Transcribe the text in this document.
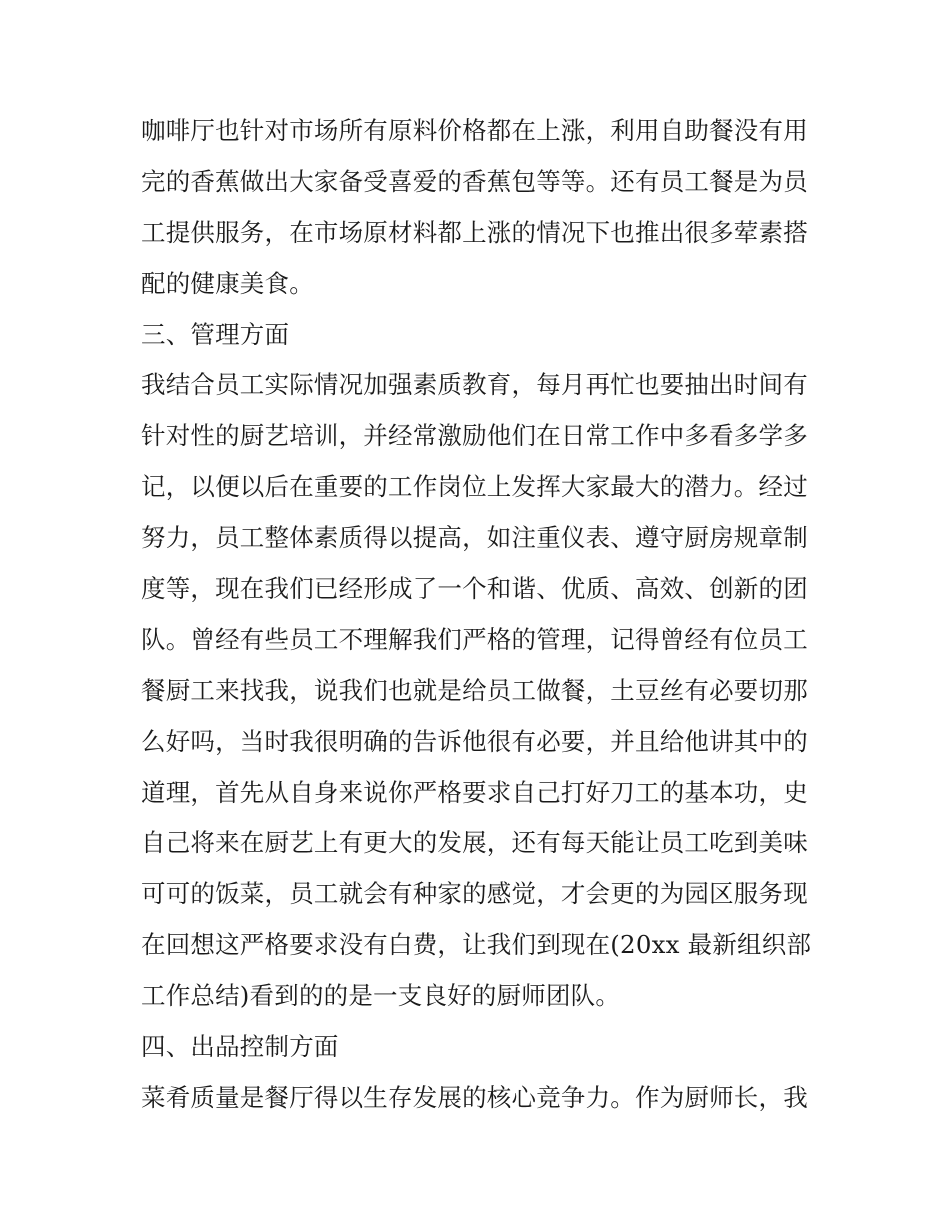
咖啡厅也针对市场所有原料价格都在上涨，利用自助餐没有用
完的香蕉做出大家备受喜爱的香蕉包等等。还有员工餐是为员
工提供服务，在市场原材料都上涨的情况下也推出很多荤素搭
配的健康美食。
三、管理方面
我结合员工实际情况加强素质教育，每月再忙也要抽出时间有
针对性的厨艺培训，并经常激励他们在日常工作中多看多学多
记，以便以后在重要的工作岗位上发挥大家最大的潜力。经过
努力，员工整体素质得以提高，如注重仪表、遵守厨房规章制
度等，现在我们已经形成了一个和谐、优质、高效、创新的团
队。曾经有些员工不理解我们严格的管理，记得曾经有位员工
餐厨工来找我，说我们也就是给员工做餐，土豆丝有必要切那
么好吗，当时我很明确的告诉他很有必要，并且给他讲其中的
道理，首先从自身来说你严格要求自己打好刀工的基本功，史
自己将来在厨艺上有更大的发展，还有每天能让员工吃到美味
可可的饭菜，员工就会有种家的感觉，才会更的为园区服务现
在回想这严格要求没有白费，让我们到现在(20xx 最新组织部
工作总结)看到的的是一支良好的厨师团队。
四、出品控制方面
菜肴质量是餐厅得以生存发展的核心竞争力。作为厨师长，我
